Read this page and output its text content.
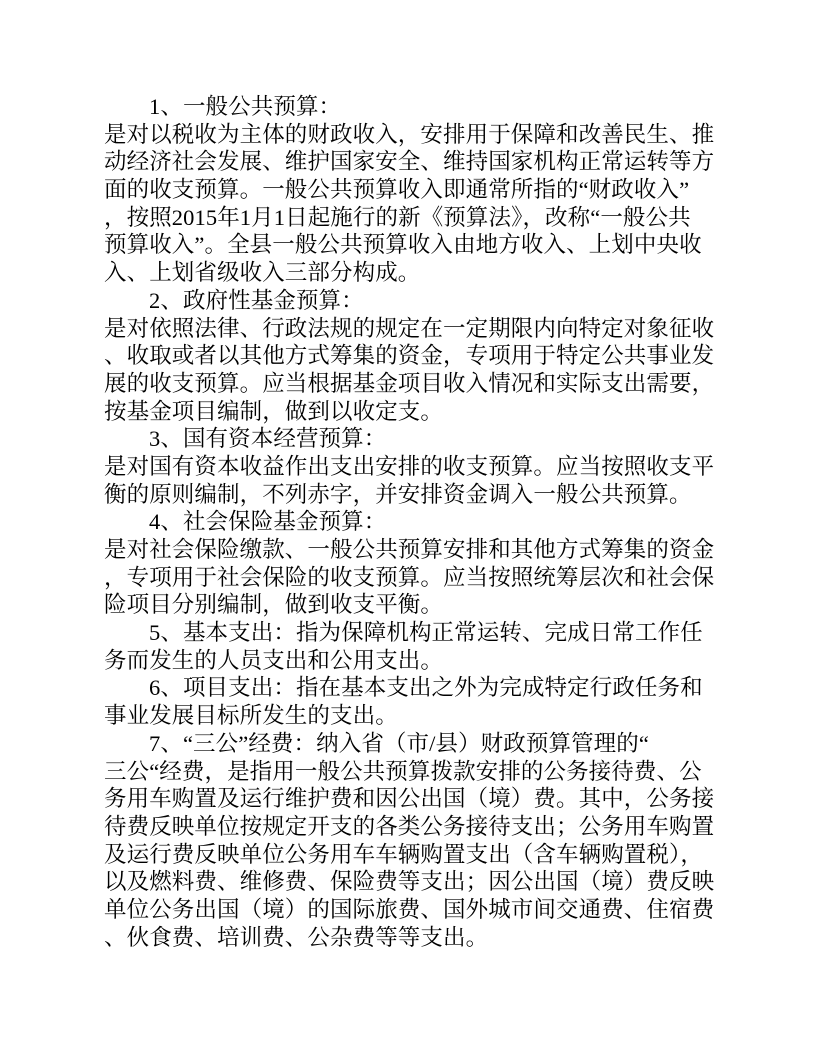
1、一般公共预算：
是对以税收为主体的财政收入，安排用于保障和改善民生、推
动经济社会发展、维护国家安全、维持国家机构正常运转等方
面的收支预算。一般公共预算收入即通常所指的“财政收入”
，按照2015年1月1日起施行的新《预算法》，改称“一般公共
预算收入”。全县一般公共预算收入由地方收入、上划中央收
入、上划省级收入三部分构成。
2、政府性基金预算：
是对依照法律、行政法规的规定在一定期限内向特定对象征收
、收取或者以其他方式筹集的资金，专项用于特定公共事业发
展的收支预算。应当根据基金项目收入情况和实际支出需要，
按基金项目编制，做到以收定支。
3、国有资本经营预算：
是对国有资本收益作出支出安排的收支预算。应当按照收支平
衡的原则编制，不列赤字，并安排资金调入一般公共预算。
4、社会保险基金预算：
是对社会保险缴款、一般公共预算安排和其他方式筹集的资金
，专项用于社会保险的收支预算。应当按照统筹层次和社会保
险项目分别编制，做到收支平衡。
5、基本支出：指为保障机构正常运转、完成日常工作任
务而发生的人员支出和公用支出。
6、项目支出：指在基本支出之外为完成特定行政任务和
事业发展目标所发生的支出。
7、“三公”经费：纳入省（市/县）财政预算管理的“
三公“经费，是指用一般公共预算拨款安排的公务接待费、公
务用车购置及运行维护费和因公出国（境）费。其中，公务接
待费反映单位按规定开支的各类公务接待支出；公务用车购置
及运行费反映单位公务用车车辆购置支出（含车辆购置税），
以及燃料费、维修费、保险费等支出；因公出国（境）费反映
单位公务出国（境）的国际旅费、国外城市间交通费、住宿费
、伙食费、培训费、公杂费等等支出。
